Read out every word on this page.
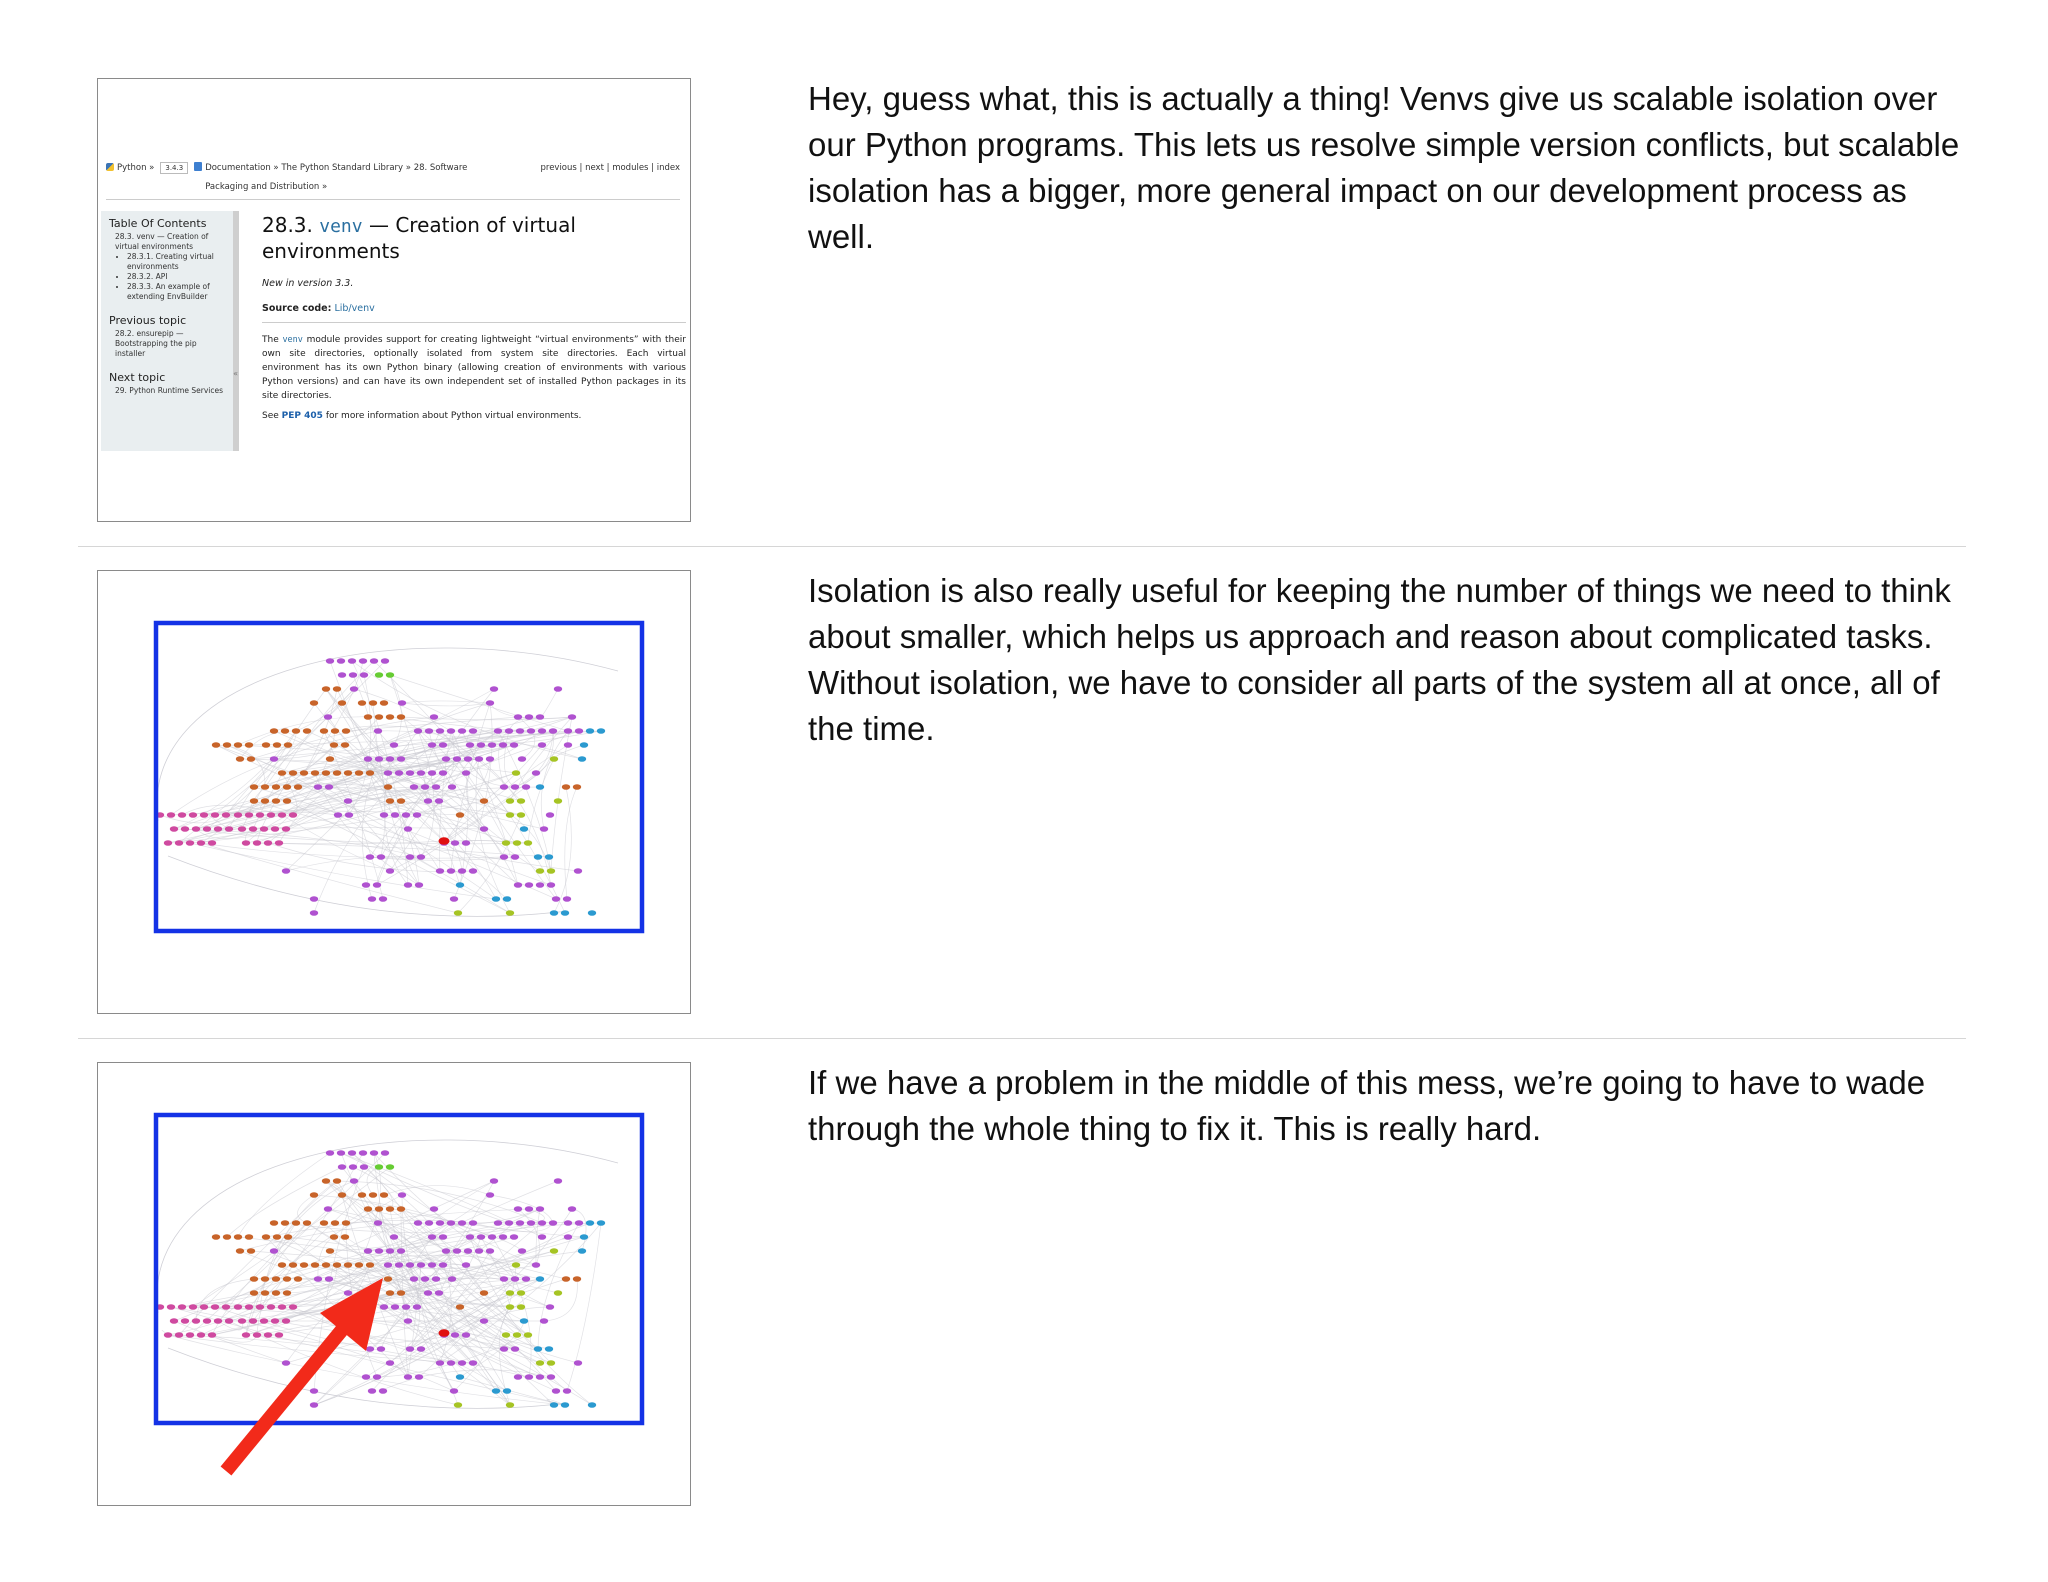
Python » 3.4.3	Documentation » The Python Standard Library » 28. Software Packaging and Distribution »
previous | next | modules | index
Table Of Contents
28.3. venv — Creation of virtual environments
• 28.3.1. Creating virtual environments
• 28.3.2. API
• 28.3.3. An example of extending EnvBuilder
Previous topic
28.2. ensurepip — Bootstrapping the pip installer
Next topic
29. Python Runtime Services
«
28.3. venv — Creation of virtual environments
New in version 3.3.
Source code: Lib/venv
The venv module provides support for creating lightweight “virtual environments” with their own site directories, optionally isolated from system site directories. Each virtual environment has its own Python binary (allowing creation of environments with various Python versions) and can have its own independent set of installed Python packages in its site directories.
See PEP 405 for more information about Python virtual environments.

Hey, guess what, this is actually a thing! Venvs give us scalable isolation over our Python programs. This lets us resolve simple version conflicts, but scalable isolation has a bigger, more general impact on our development process as well.

Isolation is also really useful for keeping the number of things we need to think about smaller, which helps us approach and reason about complicated tasks. Without isolation, we have to consider all parts of the system all at once, all of the time.

If we have a problem in the middle of this mess, we’re going to have to wade through the whole thing to fix it. This is really hard.
